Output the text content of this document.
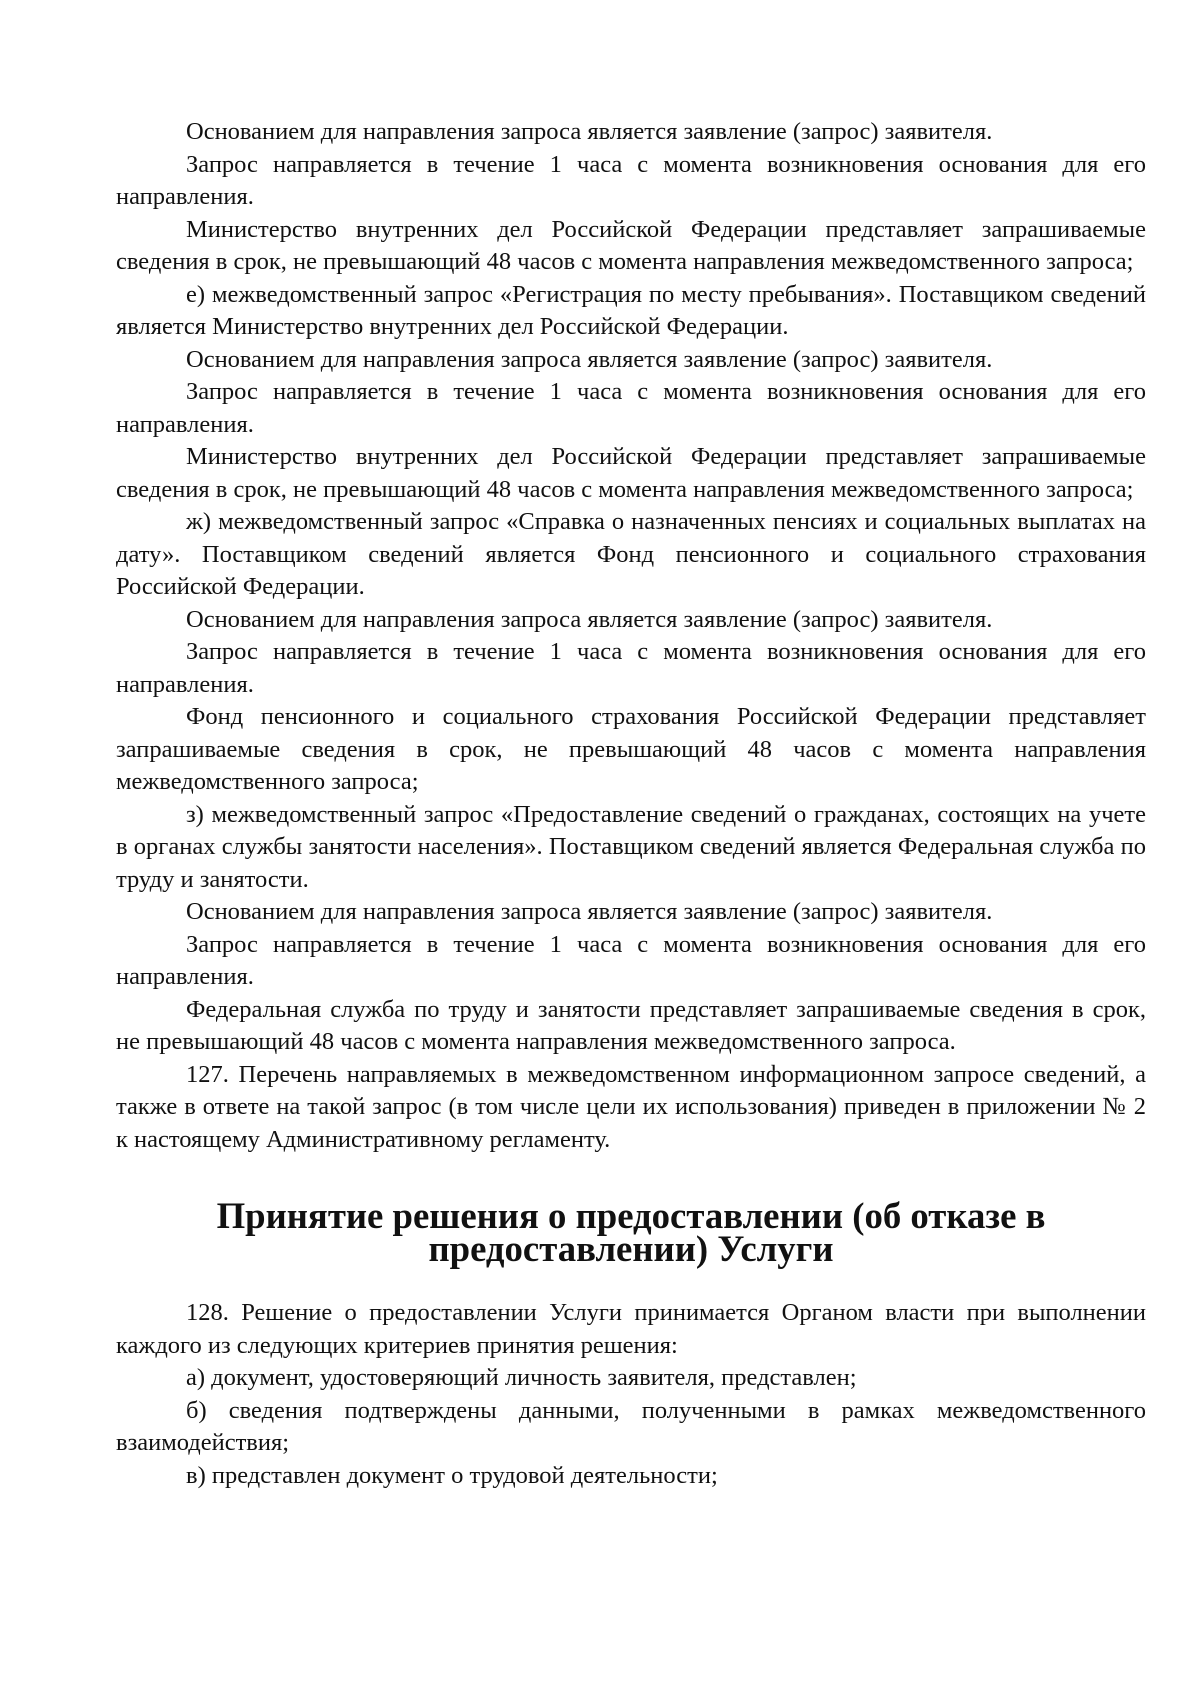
Основанием для направления запроса является заявление (запрос) заявителя.

Запрос направляется в течение 1 часа с момента возникновения основания для его направления.

Министерство внутренних дел Российской Федерации представляет запрашиваемые сведения в срок, не превышающий 48 часов с момента направления межведомственного запроса;

е) межведомственный запрос «Регистрация по месту пребывания». Поставщиком сведений является Министерство внутренних дел Российской Федерации.

Основанием для направления запроса является заявление (запрос) заявителя.

Запрос направляется в течение 1 часа с момента возникновения основания для его направления.

Министерство внутренних дел Российской Федерации представляет запрашиваемые сведения в срок, не превышающий 48 часов с момента направления межведомственного запроса;

ж) межведомственный запрос «Справка о назначенных пенсиях и социальных выплатах на дату». Поставщиком сведений является Фонд пенсионного и социального страхования Российской Федерации.

Основанием для направления запроса является заявление (запрос) заявителя.

Запрос направляется в течение 1 часа с момента возникновения основания для его направления.

Фонд пенсионного и социального страхования Российской Федерации представляет запрашиваемые сведения в срок, не превышающий 48 часов с момента направления межведомственного запроса;

з) межведомственный запрос «Предоставление сведений о гражданах, состоящих на учете в органах службы занятости населения». Поставщиком сведений является Федеральная служба по труду и занятости.

Основанием для направления запроса является заявление (запрос) заявителя.

Запрос направляется в течение 1 часа с момента возникновения основания для его направления.

Федеральная служба по труду и занятости представляет запрашиваемые сведения в срок, не превышающий 48 часов с момента направления межведомственного запроса.

127. Перечень направляемых в межведомственном информационном запросе сведений, а также в ответе на такой запрос (в том числе цели их использования) приведен в приложении № 2 к настоящему Административному регламенту.

Принятие решения о предоставлении (об отказе в предоставлении) Услуги

128. Решение о предоставлении Услуги принимается Органом власти при выполнении каждого из следующих критериев принятия решения:

а) документ, удостоверяющий личность заявителя, представлен;

б) сведения подтверждены данными, полученными в рамках межведомственного взаимодействия;

в) представлен документ о трудовой деятельности;
